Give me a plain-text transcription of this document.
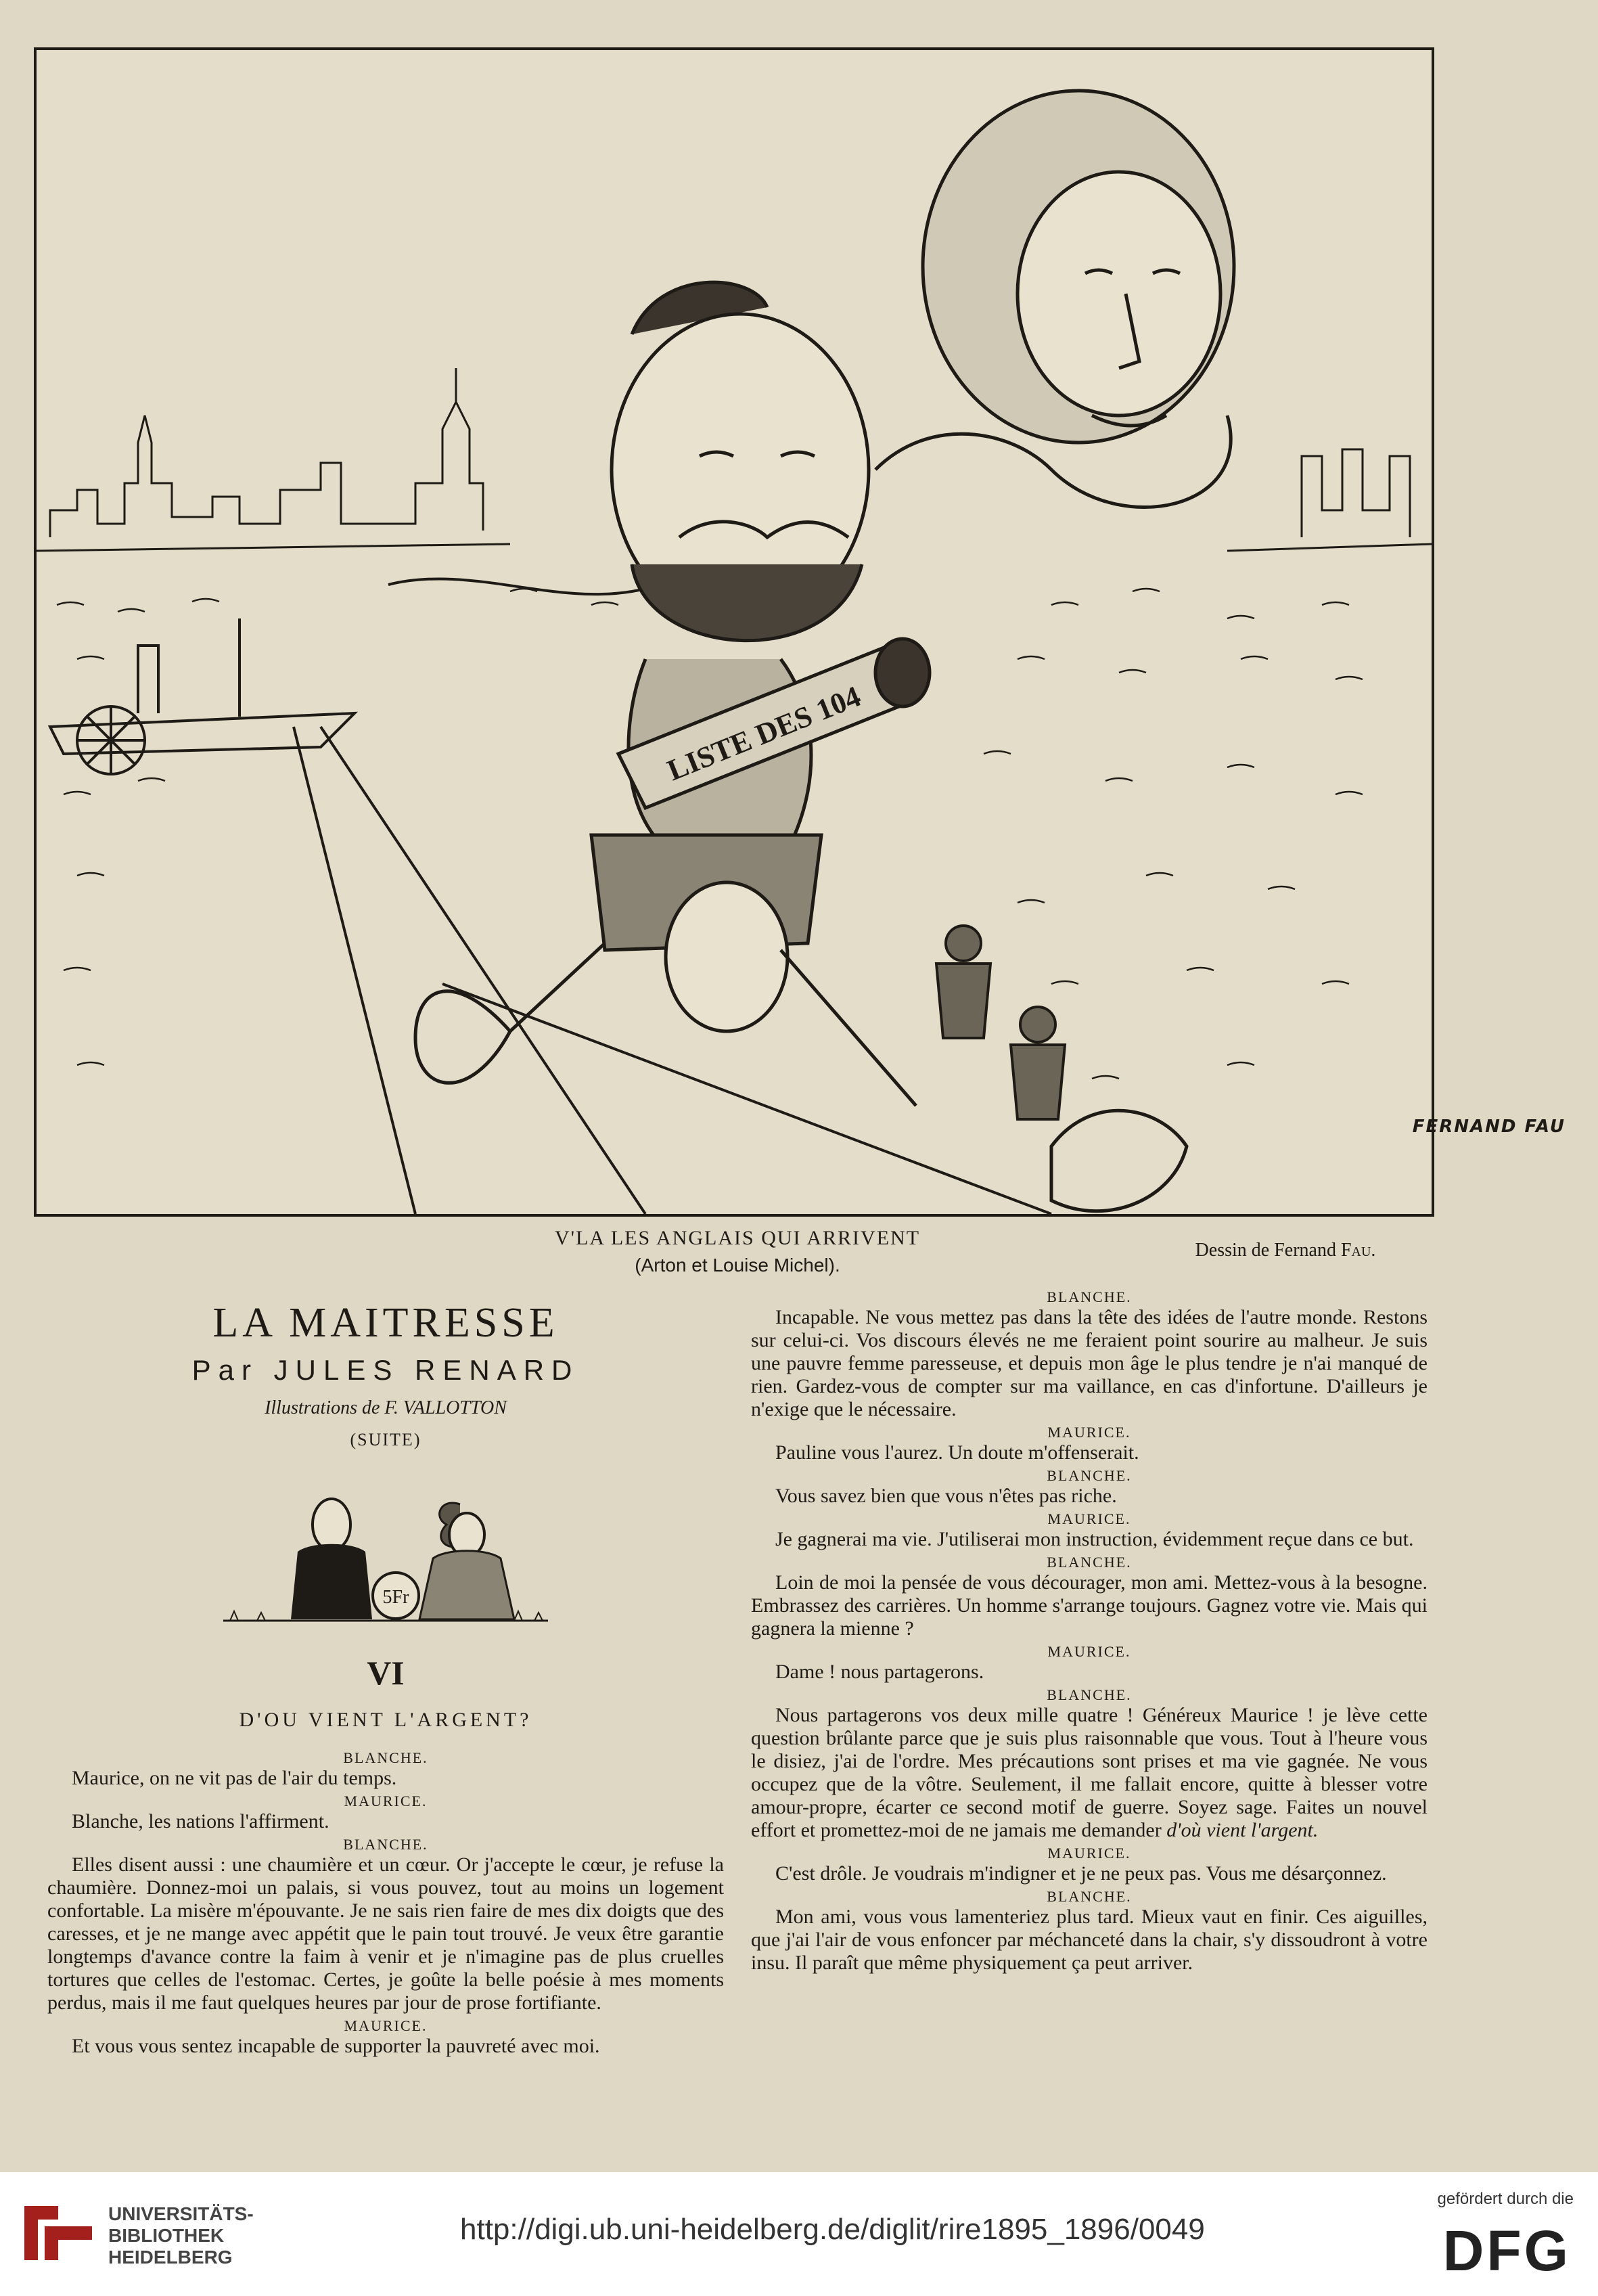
LISTE DES 104
FERNAND FAU
V'LA LES ANGLAIS QUI ARRIVENT
(Arton et Louise Michel).
Dessin de Fernand Fau.
LA MAITRESSE
Par JULES RENARD
Illustrations de F. VALLOTTON
(SUITE)
5Fr
VI
D'OU VIENT L'ARGENT?
BLANCHE.
Maurice, on ne vit pas de l'air du temps.
MAURICE.
Blanche, les nations l'affirment.
BLANCHE.
Elles disent aussi : une chaumière et un cœur. Or j'accepte le cœur, je refuse la chaumière. Donnez-moi un palais, si vous pouvez, tout au moins un logement confortable. La misère m'épouvante. Je ne sais rien faire de mes dix doigts que des caresses, et je ne mange avec appétit que le pain tout trouvé. Je veux être garantie longtemps d'avance contre la faim à venir et je n'imagine pas de plus cruelles tortures que celles de l'estomac. Certes, je goûte la belle poésie à mes moments perdus, mais il me faut quelques heures par jour de prose fortifiante.
MAURICE.
Et vous vous sentez incapable de supporter la pauvreté avec moi.
BLANCHE.
Incapable. Ne vous mettez pas dans la tête des idées de l'autre monde. Restons sur celui-ci. Vos discours élevés ne me feraient point sourire au malheur. Je suis une pauvre femme paresseuse, et depuis mon âge le plus tendre je n'ai manqué de rien. Gardez-vous de compter sur ma vaillance, en cas d'infortune. D'ailleurs je n'exige que le nécessaire.
MAURICE.
Pauline vous l'aurez. Un doute m'offenserait.
BLANCHE.
Vous savez bien que vous n'êtes pas riche.
MAURICE.
Je gagnerai ma vie. J'utiliserai mon instruction, évidemment reçue dans ce but.
BLANCHE.
Loin de moi la pensée de vous décourager, mon ami. Mettez-vous à la besogne. Embrassez des carrières. Un homme s'arrange toujours. Gagnez votre vie. Mais qui gagnera la mienne ?
MAURICE.
Dame ! nous partagerons.
BLANCHE.
Nous partagerons vos deux mille quatre ! Généreux Maurice ! je lève cette question brûlante parce que je suis plus raisonnable que vous. Tout à l'heure vous le disiez, j'ai de l'ordre. Mes précautions sont prises et ma vie gagnée. Ne vous occupez que de la vôtre. Seulement, il me fallait encore, quitte à blesser votre amour-propre, écarter ce second motif de guerre. Soyez sage. Faites un nouvel effort et promettez-moi de ne jamais me demander d'où vient l'argent.
MAURICE.
C'est drôle. Je voudrais m'indigner et je ne peux pas. Vous me désarçonnez.
BLANCHE.
Mon ami, vous vous lamenteriez plus tard. Mieux vaut en finir. Ces aiguilles, que j'ai l'air de vous enfoncer par méchanceté dans la chair, s'y dissoudront à votre insu. Il paraît que même physiquement ça peut arriver.
UNIVERSITÄTS-
BIBLIOTHEK
HEIDELBERG
http://digi.ub.uni-heidelberg.de/diglit/rire1895_1896/0049
gefördert durch die
DFG
